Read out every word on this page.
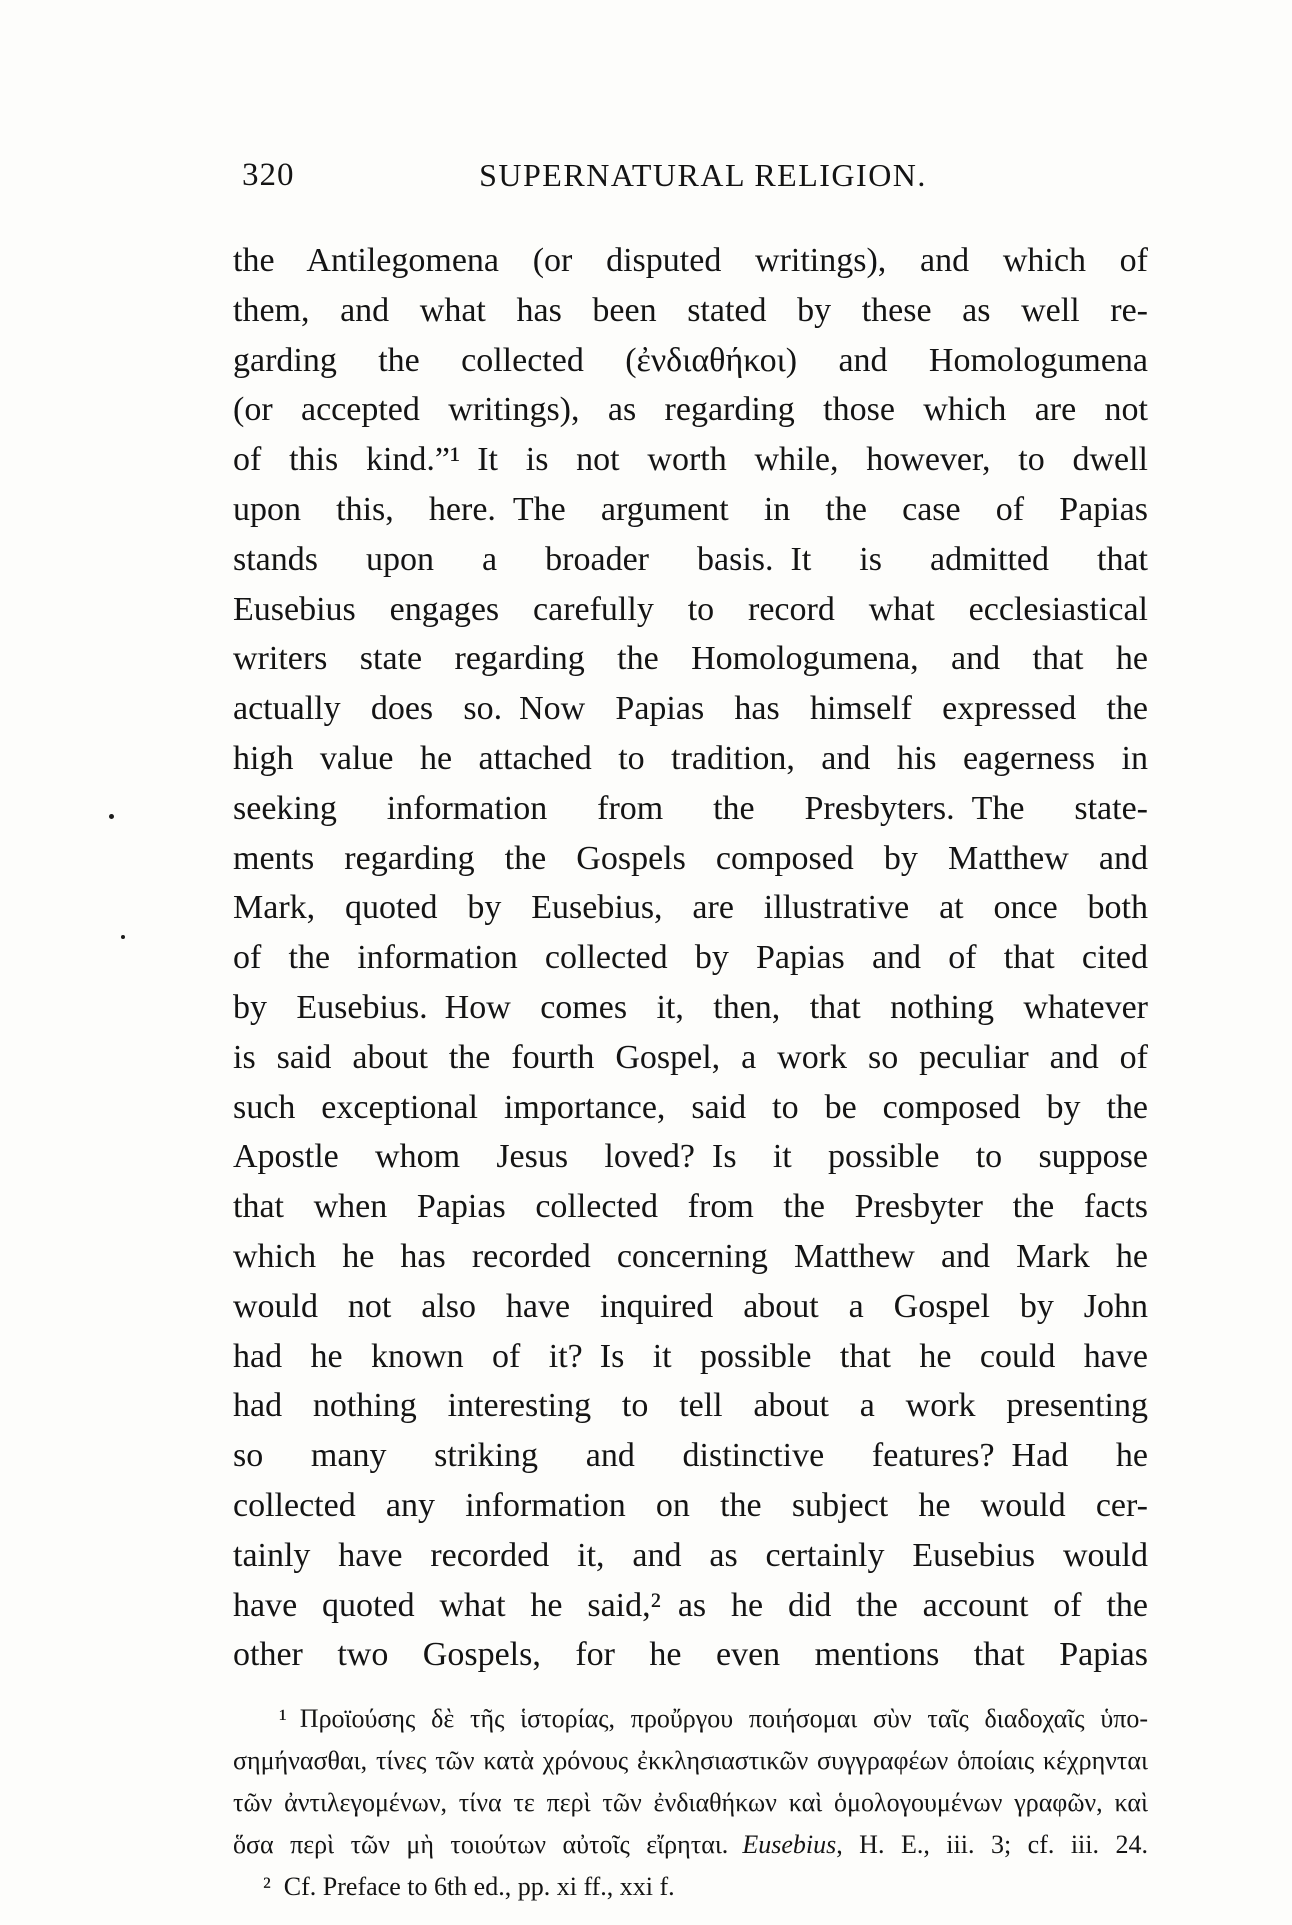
320	SUPERNATURAL RELIGION.
the Antilegomena (or disputed writings), and which of
them, and what has been stated by these as well re-
garding the collected (ἐνδιαθήκοι) and Homologumena
(or accepted writings), as regarding those which are not
of this kind.”¹ It is not worth while, however, to dwell
upon this, here. The argument in the case of Papias
stands upon a broader basis. It is admitted that
Eusebius engages carefully to record what ecclesiastical
writers state regarding the Homologumena, and that he
actually does so. Now Papias has himself expressed the
high value he attached to tradition, and his eagerness in
seeking information from the Presbyters. The state-
ments regarding the Gospels composed by Matthew and
Mark, quoted by Eusebius, are illustrative at once both
of the information collected by Papias and of that cited
by Eusebius. How comes it, then, that nothing whatever
is said about the fourth Gospel, a work so peculiar and of
such exceptional importance, said to be composed by the
Apostle whom Jesus loved? Is it possible to suppose
that when Papias collected from the Presbyter the facts
which he has recorded concerning Matthew and Mark he
would not also have inquired about a Gospel by John
had he known of it? Is it possible that he could have
had nothing interesting to tell about a work presenting
so many striking and distinctive features? Had he
collected any information on the subject he would cer-
tainly have recorded it, and as certainly Eusebius would
have quoted what he said,² as he did the account of the
other two Gospels, for he even mentions that Papias
¹ Προϊούσης δὲ τῆς ἱστορίας, προὔργου ποιήσομαι σὺν ταῖς διαδοχαῖς ὑπο-
σημήνασθαι, τίνες τῶν κατὰ χρόνους ἐκκλησιαστικῶν συγγραφέων ὁποίαις κέχρηνται
τῶν ἀντιλεγομένων, τίνα τε περὶ τῶν ἐνδιαθήκων καὶ ὁμολογουμένων γραφῶν, καὶ
ὅσα περὶ τῶν μὴ τοιούτων αὐτοῖς εἴρηται. Eusebius, H. E., iii. 3; cf. iii. 24.
² Cf. Preface to 6th ed., pp. xi ff., xxi f.
